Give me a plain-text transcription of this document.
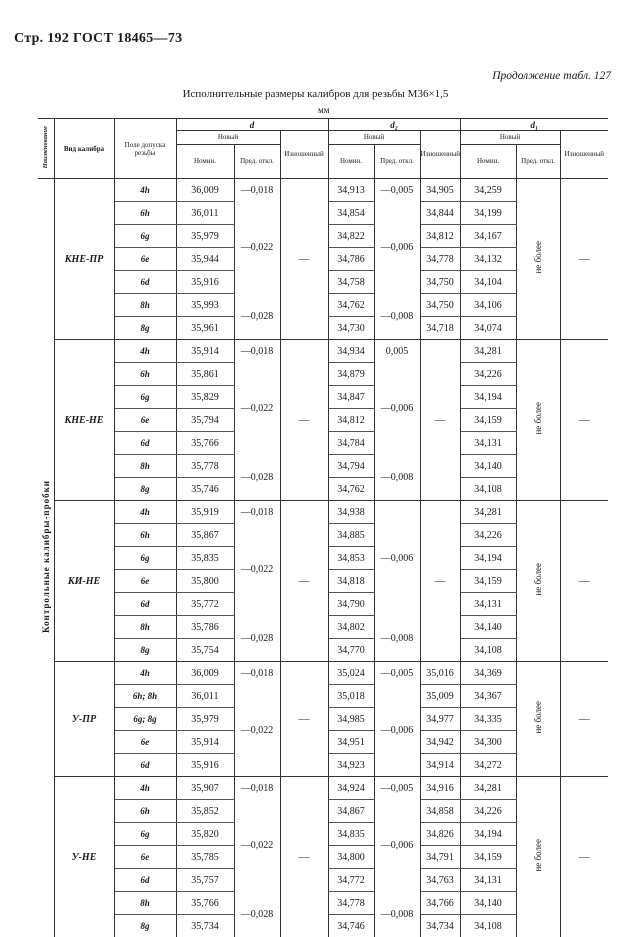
Стр. 192 ГОСТ 18465—73
Продолжение табл. 127
Исполнительные размеры калибров для резьбы М36×1,5
мм
Наименование	Вид калибра	Поле допуска резьбы	d			d₂			d₁		
			Новый		Изношенный	Новый		Изношенный	Новый		Изношенный
			Номин.	Пред. откл.		Номин.	Пред. откл.		Номин.	Пред. откл.	
Контрольные калибры-пробки	КНЕ-ПР	4h	36,009	—0,018	—	34,913	—0,005	34,905	34,259	не более	—
		6h	36,011	—0,022		34,854	—0,006	34,844	34,199		
		6g	35,979			34,822		34,812	34,167		
		6e	35,944			34,786		34,778	34,132		
		6d	35,916			34,758		34,750	34,104		
		8h	35,993	—0,028		34,762	—0,008	34,750	34,106		
		8g	35,961			34,730		34,718	34,074		
	КНЕ-НЕ	4h	35,914	—0,018	—	34,934	0,005	—	34,281	не более	—
		6h	35,861	—0,022		34,879	—0,006		34,226		
		6g	35,829			34,847			34,194		
		6e	35,794			34,812			34,159		
		6d	35,766			34,784			34,131		
		8h	35,778	—0,028		34,794	—0,008		34,140		
		8g	35,746			34,762			34,108		
	КИ-НЕ	4h	35,919	—0,018	—	34,938	—0,006	—	34,281	не более	—
		6h	35,867	—0,022		34,885			34,226		
		6g	35,835			34,853			34,194		
		6e	35,800			34,818			34,159		
		6d	35,772			34,790			34,131		
		8h	35,786	—0,028		34,802	—0,008		34,140		
		8g	35,754			34,770			34,108		
	У-ПР	4h	36,009	—0,018	—	35,024	—0,005	35,016	34,369	не более	—
		6h; 8h	36,011	—0,022		35,018	—0,006	35,009	34,367		
		6g; 8g	35,979			34,985		34,977	34,335		
		6e	35,914			34,951		34,942	34,300		
		6d	35,916			34,923		34,914	34,272		
	У-НЕ	4h	35,907	—0,018	—	34,924	—0,005	34,916	34,281	не более	—
		6h	35,852	—0,022		34,867	—0,006	34,858	34,226		
		6g	35,820			34,835		34,826	34,194		
		6e	35,785			34,800		34,791	34,159		
		6d	35,757			34,772		34,763	34,131		
		8h	35,766	—0,028		34,778	—0,008	34,766	34,140		
		8g	35,734			34,746		34,734	34,108		
